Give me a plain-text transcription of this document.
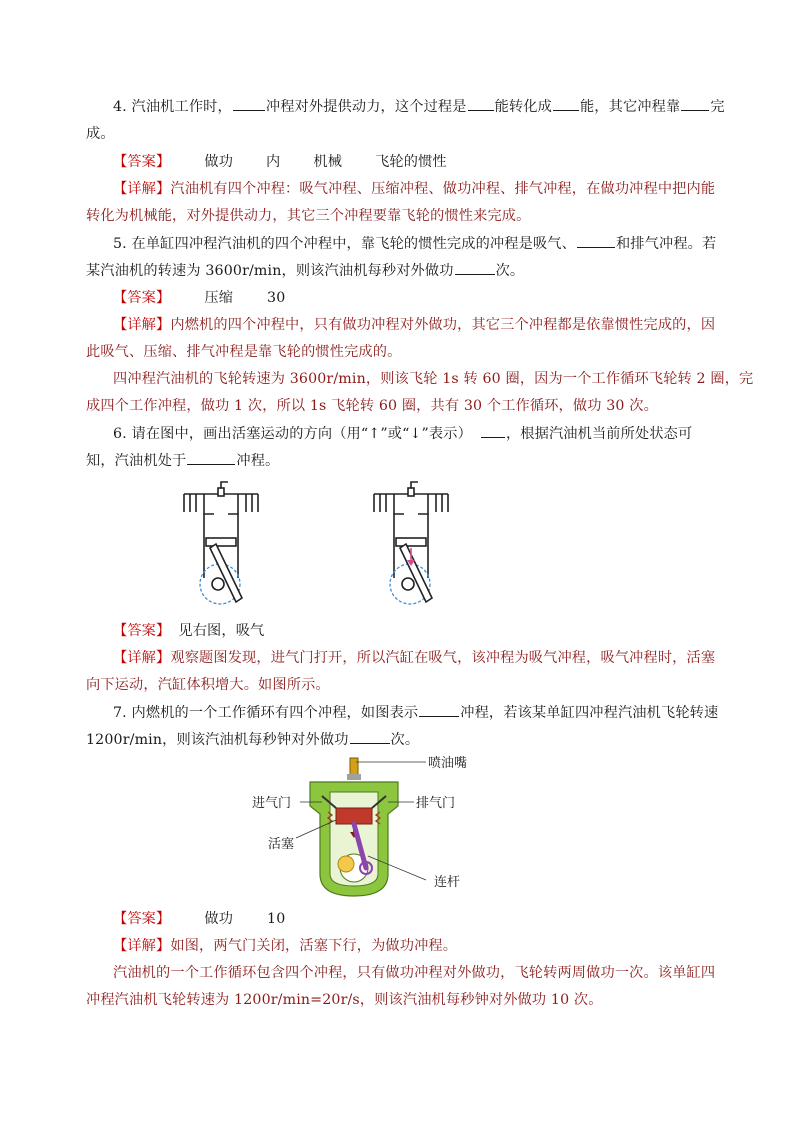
4. 汽油机工作时， 冲程对外提供动力，这个过程是 能转化成 能，其它冲程靠 完
成。
【答案】 做功 内 机械 飞轮的惯性
【详解】汽油机有四个冲程：吸气冲程、压缩冲程、做功冲程、排气冲程，在做功冲程中把内能
转化为机械能，对外提供动力，其它三个冲程要靠飞轮的惯性来完成。
5. 在单缸四冲程汽油机的四个冲程中，靠飞轮的惯性完成的冲程是吸气、	和排气冲程。若
某汽油机的转速为 3600r/min，则该汽油机每秒对外做功	次。
【答案】 压缩 30
【详解】内燃机的四个冲程中，只有做功冲程对外做功，其它三个冲程都是依靠惯性完成的，因
此吸气、压缩、排气冲程是靠飞轮的惯性完成的。
四冲程汽油机的飞轮转速为 3600r/min，则该飞轮 1s 转 60 圈，因为一个工作循环飞轮转 2 圈，完
成四个工作冲程，做功 1 次，所以 1s 飞轮转 60 圈，共有 30 个工作循环，做功 30 次。
6. 请在图中，画出活塞运动的方向（用“↑”或“↓”表示） ，根据汽油机当前所处状态可
知，汽油机处于	冲程。
【答案】 见右图，吸气
【详解】观察题图发现，进气门打开，所以汽缸在吸气，该冲程为吸气冲程，吸气冲程时，活塞
向下运动，汽缸体积增大。如图所示。
7. 内燃机的一个工作循环有四个冲程，如图表示	冲程，若该某单缸四冲程汽油机飞轮转速
1200r/min，则该汽油机每秒钟对外做功	次。
喷油嘴
进气门	排气门
活塞
连杆
【答案】 做功 10
【详解】如图，两气门关闭，活塞下行，为做功冲程。
汽油机的一个工作循环包含四个冲程，只有做功冲程对外做功，飞轮转两周做功一次。该单缸四
冲程汽油机飞轮转速为 1200r/min=20r/s，则该汽油机每秒钟对外做功 10 次。
